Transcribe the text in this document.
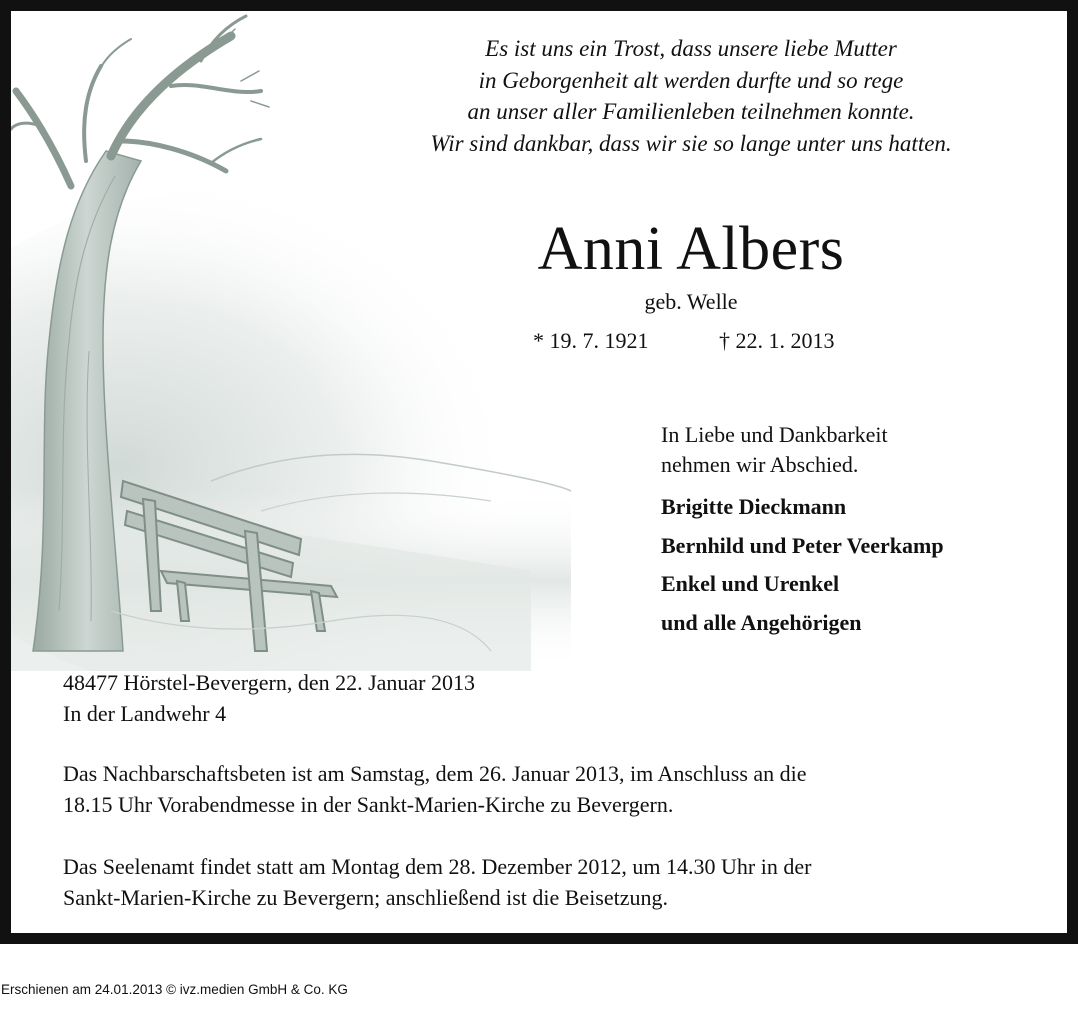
Es ist uns ein Trost, dass unsere liebe Mutter
in Geborgenheit alt werden durfte und so rege
an unser aller Familienleben teilnehmen konnte.
Wir sind dankbar, dass wir sie so lange unter uns hatten.
Anni Albers
geb. Welle
* 19. 7. 1921	† 22. 1. 2013
In Liebe und Dankbarkeit
nehmen wir Abschied.
Brigitte Dieckmann
Bernhild und Peter Veerkamp
Enkel und Urenkel
und alle Angehörigen
48477 Hörstel-Bevergern, den 22. Januar 2013
In der Landwehr 4
Das Nachbarschaftsbeten ist am Samstag, dem 26. Januar 2013, im Anschluss an die
18.15 Uhr Vorabendmesse in der Sankt-Marien-Kirche zu Bevergern.
Das Seelenamt findet statt am Montag dem 28. Dezember 2012, um 14.30 Uhr in der
Sankt-Marien-Kirche zu Bevergern; anschließend ist die Beisetzung.
Erschienen am 24.01.2013 © ivz.medien GmbH & Co. KG
